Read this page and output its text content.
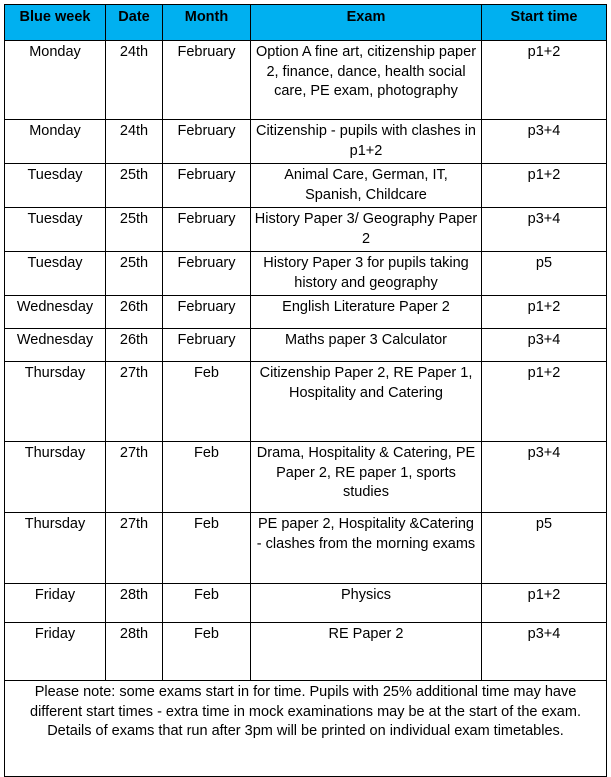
Blue week	Date	Month	Exam	Start time
Monday	24th	February	Option A fine art, citizenship paper 2, finance, dance, health social care, PE exam, photography	p1+2
Monday	24th	February	Citizenship - pupils with clashes in p1+2	p3+4
Tuesday	25th	February	Animal Care, German, IT, Spanish, Childcare	p1+2
Tuesday	25th	February	History Paper 3/ Geography Paper 2	p3+4
Tuesday	25th	February	History Paper 3 for pupils taking history and geography	p5
Wednesday	26th	February	English Literature Paper 2	p1+2
Wednesday	26th	February	Maths paper 3 Calculator	p3+4
Thursday	27th	Feb	Citizenship Paper 2, RE Paper 1, Hospitality and Catering	p1+2
Thursday	27th	Feb	Drama, Hospitality & Catering, PE Paper 2, RE paper 1, sports studies	p3+4
Thursday	27th	Feb	PE paper 2, Hospitality &Catering - clashes from the morning exams	p5
Friday	28th	Feb	Physics	p1+2
Friday	28th	Feb	RE Paper 2	p3+4
Please note: some exams start in for time. Pupils with 25% additional time may have different start times - extra time in mock examinations may be at the start of the exam. Details of exams that run after 3pm will be printed on individual exam timetables.				
